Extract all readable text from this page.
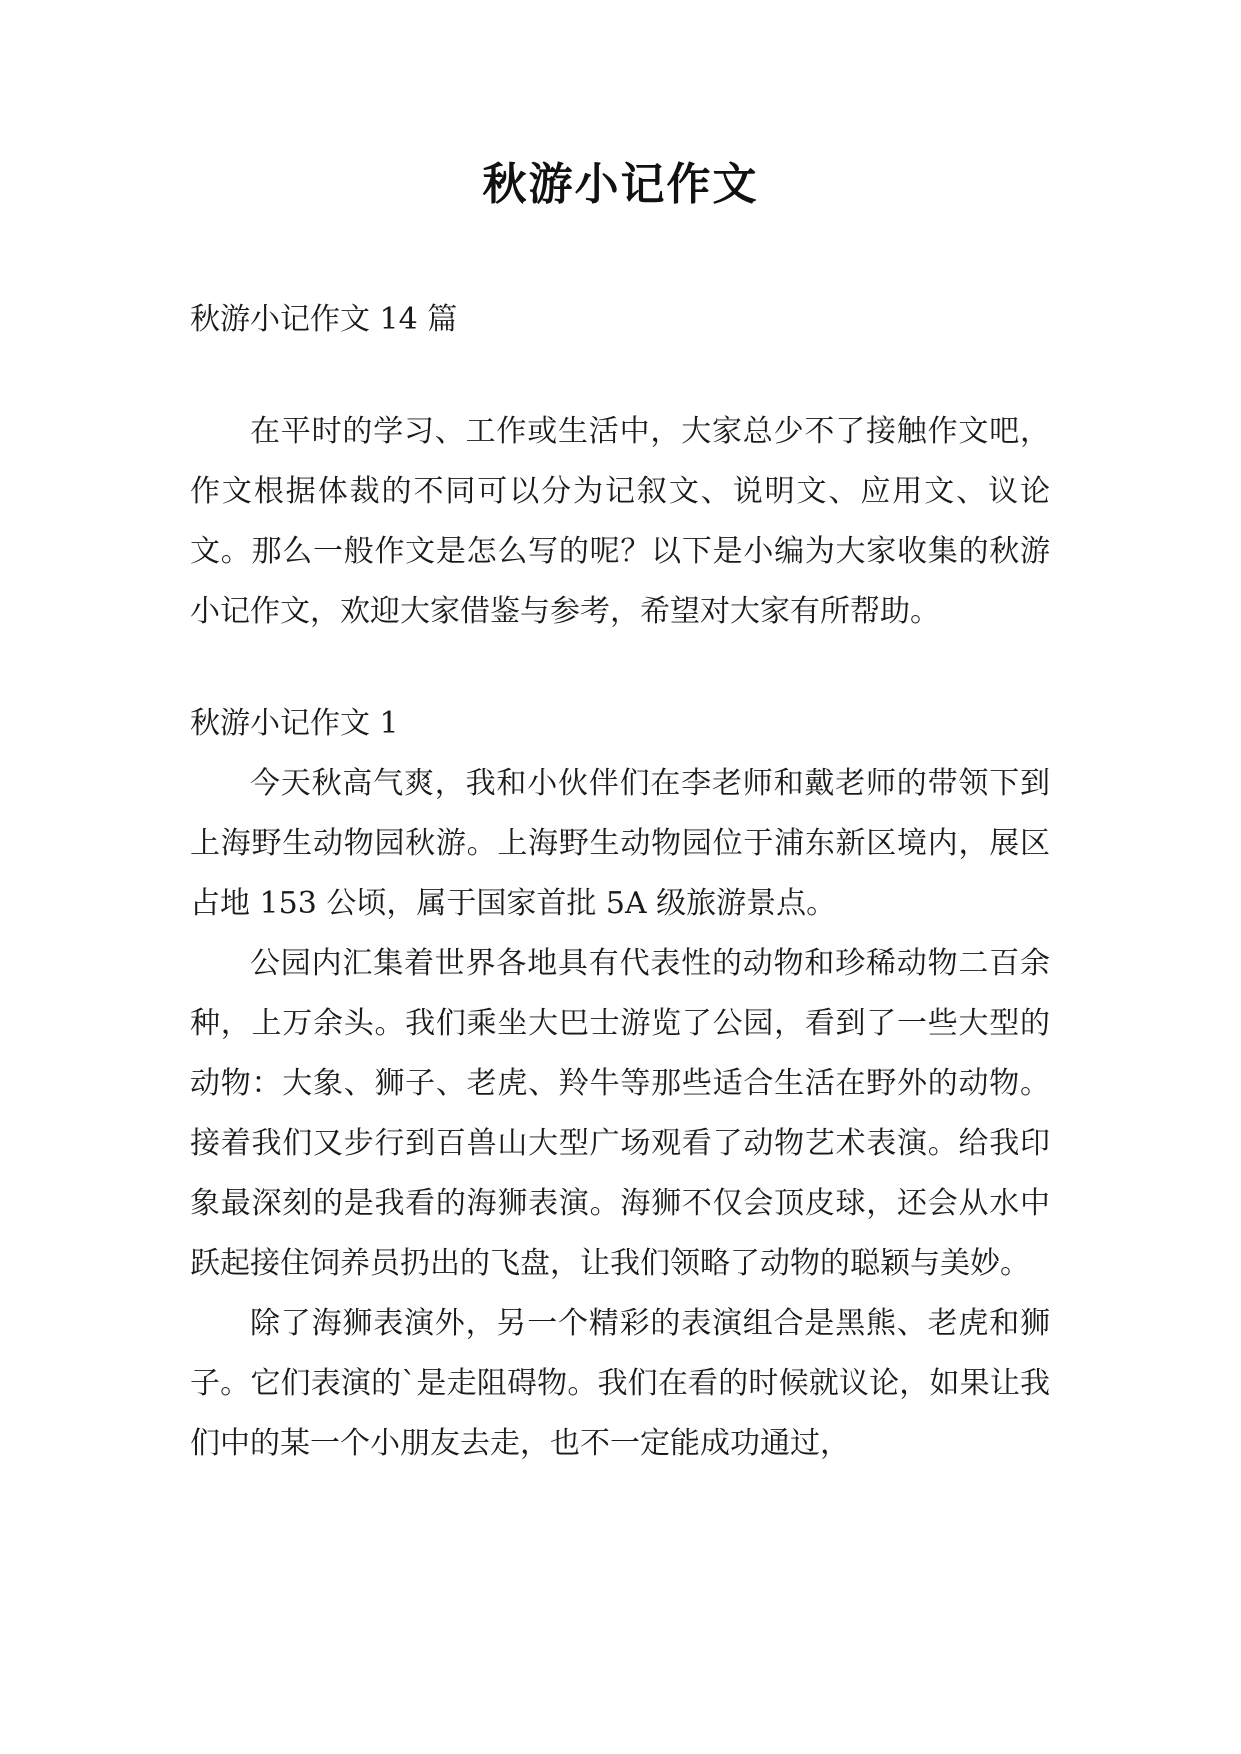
秋游小记作文

秋游小记作文 14 篇

在平时的学习、工作或生活中，大家总少不了接触作文吧，作文根据体裁的不同可以分为记叙文、说明文、应用文、议论文。那么一般作文是怎么写的呢？以下是小编为大家收集的秋游小记作文，欢迎大家借鉴与参考，希望对大家有所帮助。

秋游小记作文 1

今天秋高气爽，我和小伙伴们在李老师和戴老师的带领下到上海野生动物园秋游。上海野生动物园位于浦东新区境内，展区占地 153 公顷，属于国家首批 5A 级旅游景点。

公园内汇集着世界各地具有代表性的动物和珍稀动物二百余种，上万余头。我们乘坐大巴士游览了公园，看到了一些大型的动物：大象、狮子、老虎、羚牛等那些适合生活在野外的动物。接着我们又步行到百兽山大型广场观看了动物艺术表演。给我印象最深刻的是我看的海狮表演。海狮不仅会顶皮球，还会从水中跃起接住饲养员扔出的飞盘，让我们领略了动物的聪颖与美妙。

除了海狮表演外，另一个精彩的表演组合是黑熊、老虎和狮子。它们表演的`是走阻碍物。我们在看的时候就议论，如果让我们中的某一个小朋友去走，也不一定能成功通过，
